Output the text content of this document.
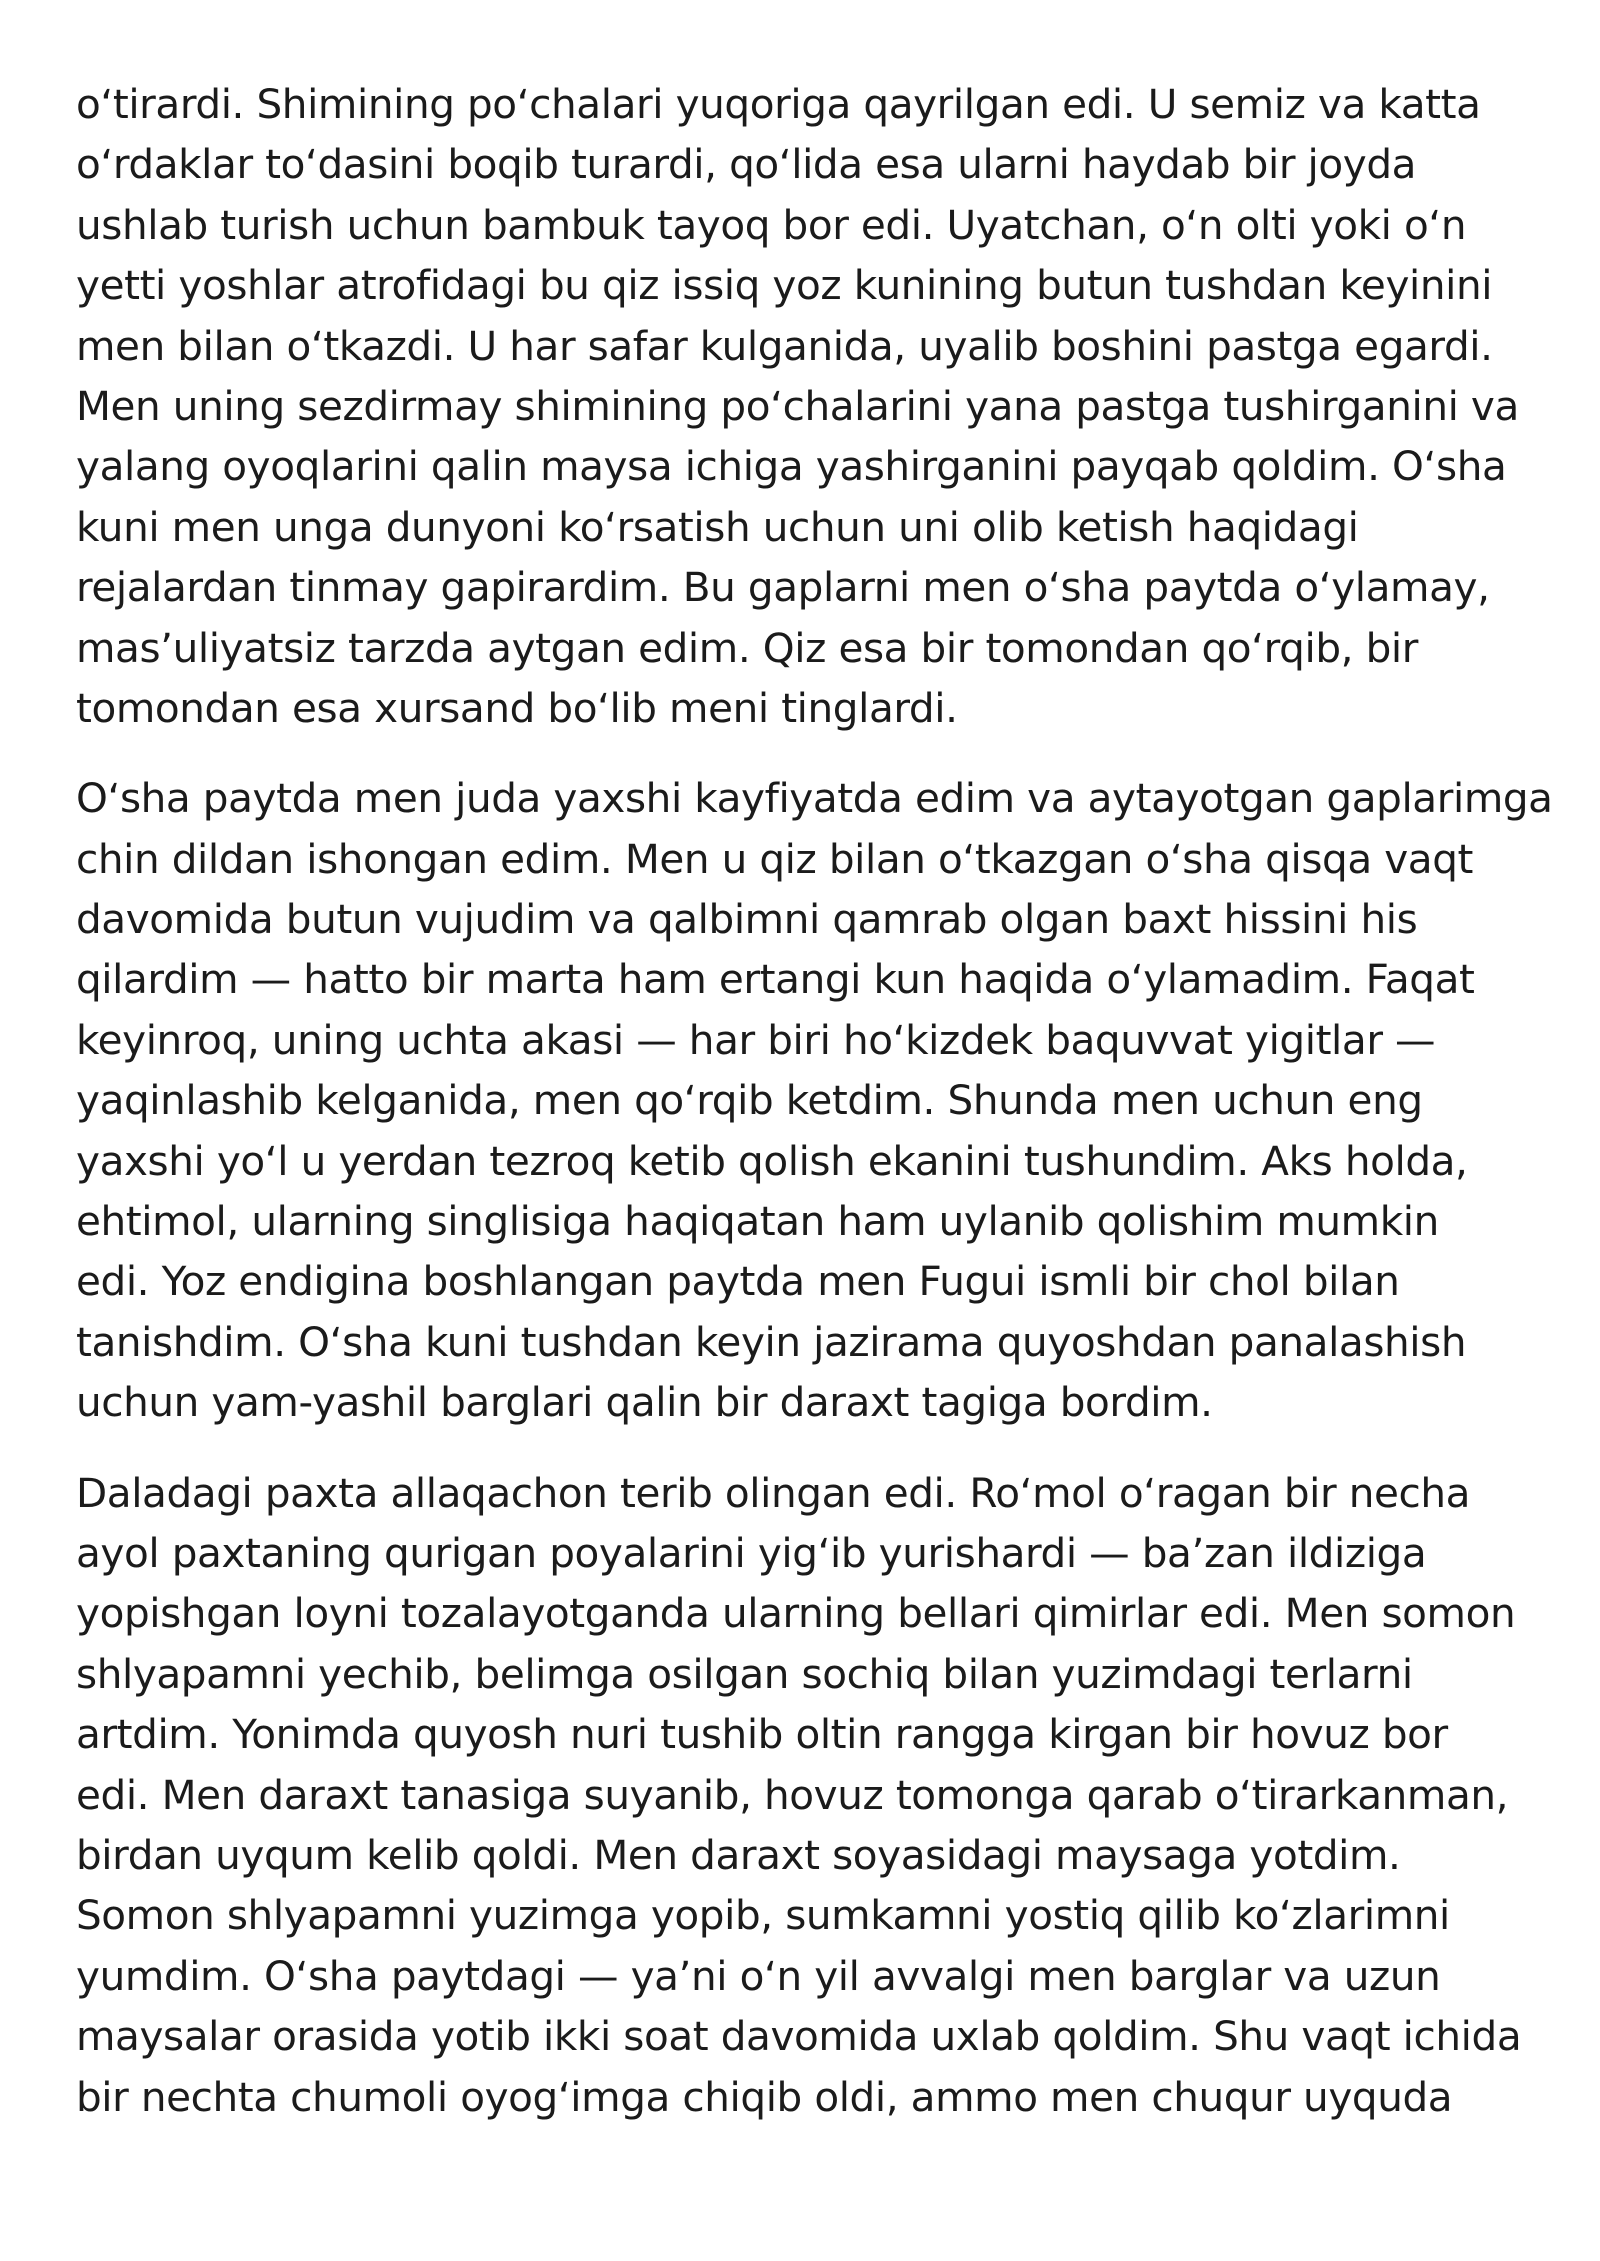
oʻtirardi. Shimining poʻchalari yuqoriga qayrilgan edi. U semiz va katta
oʻrdaklar toʻdasini boqib turardi, qoʻlida esa ularni haydab bir joyda
ushlab turish uchun bambuk tayoq bor edi. Uyatchan, oʻn olti yoki oʻn
yetti yoshlar atrofidagi bu qiz issiq yoz kunining butun tushdan keyinini
men bilan oʻtkazdi. U har safar kulganida, uyalib boshini pastga egardi.
Men uning sezdirmay shimining poʻchalarini yana pastga tushirganini va
yalang oyoqlarini qalin maysa ichiga yashirganini payqab qoldim. Oʻsha
kuni men unga dunyoni koʻrsatish uchun uni olib ketish haqidagi
rejalardan tinmay gapirardim. Bu gaplarni men oʻsha paytda oʻylamay,
mas’uliyatsiz tarzda aytgan edim. Qiz esa bir tomondan qoʻrqib, bir
tomondan esa xursand boʻlib meni tinglardi.

Oʻsha paytda men juda yaxshi kayfiyatda edim va aytayotgan gaplarimga
chin dildan ishongan edim. Men u qiz bilan oʻtkazgan oʻsha qisqa vaqt
davomida butun vujudim va qalbimni qamrab olgan baxt hissini his
qilardim — hatto bir marta ham ertangi kun haqida oʻylamadim. Faqat
keyinroq, uning uchta akasi — har biri hoʻkizdek baquvvat yigitlar —
yaqinlashib kelganida, men qoʻrqib ketdim. Shunda men uchun eng
yaxshi yoʻl u yerdan tezroq ketib qolish ekanini tushundim. Aks holda,
ehtimol, ularning singlisiga haqiqatan ham uylanib qolishim mumkin
edi. Yoz endigina boshlangan paytda men Fugui ismli bir chol bilan
tanishdim. Oʻsha kuni tushdan keyin jazirama quyoshdan panalashish
uchun yam-yashil barglari qalin bir daraxt tagiga bordim.

Daladagi paxta allaqachon terib olingan edi. Roʻmol oʻragan bir necha
ayol paxtaning qurigan poyalarini yigʻib yurishardi — ba’zan ildiziga
yopishgan loyni tozalayotganda ularning bellari qimirlar edi. Men somon
shlyapamni yechib, belimga osilgan sochiq bilan yuzimdagi terlarni
artdim. Yonimda quyosh nuri tushib oltin rangga kirgan bir hovuz bor
edi. Men daraxt tanasiga suyanib, hovuz tomonga qarab oʻtirarkanman,
birdan uyqum kelib qoldi. Men daraxt soyasidagi maysaga yotdim.
Somon shlyapamni yuzimga yopib, sumkamni yostiq qilib koʻzlarimni
yumdim. Oʻsha paytdagi — ya’ni oʻn yil avvalgi men barglar va uzun
maysalar orasida yotib ikki soat davomida uxlab qoldim. Shu vaqt ichida
bir nechta chumoli oyogʻimga chiqib oldi, ammo men chuqur uyquda
